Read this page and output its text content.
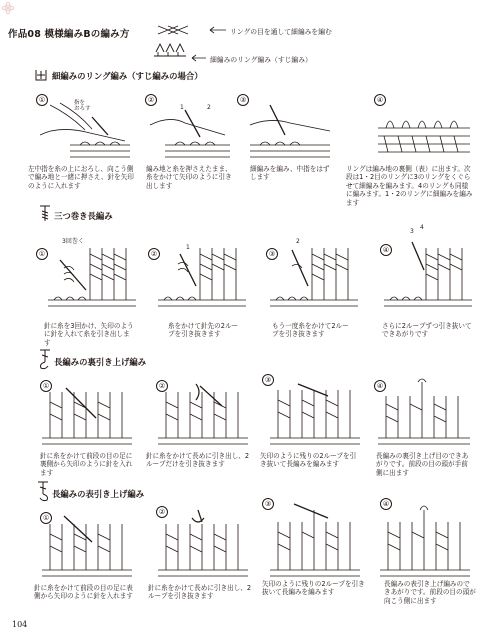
作品08 模様編みBの編み方	リングの目を通して細編みを編む
細編みのリング編み（すじ編み）
細編みのリング編み（すじ編みの場合）
①	②	③	④
指を
おろす	1	2
左中指を糸の上におろし、向こう側で編み地と一緒に押さえ、針を矢印のように入れます
編み地と糸を押さえたまま、糸をかけて矢印のように引き出します
細編みを編み、中指をはずします
リングは編み地の裏側（表）に出ます。次段は1・2目のリングに3のリングをくぐらせて細編みを編みます。4のリングも同様に編みます。1・2のリングに細編みを編みます
三つ巻き長編み
①	②	③	④
3回巻く
1
2
3
4
針に糸を3回かけ、矢印のように針を入れて糸を引き出します
糸をかけて針先の2ループを引き抜きます
もう一度糸をかけて2ループを引き抜きます
さらに2ループずつ引き抜いてできあがりです
長編みの裏引き上げ編み
①	②
③
④
針に糸をかけて前段の目の足に裏側から矢印のように針を入れます
針に糸をかけて長めに引き出し、2ループだけを引き抜きます
矢印のように残りの2ループを引き抜いて長編みを編みます
長編みの裏引き上げ目のできあがりです。前段の目の頭が手前側に出ます
長編みの表引き上げ編み
①
②
③	④
針に糸をかけて前段の目の足に表側から矢印のように針を入れます
針に糸をかけて長めに引き出し、2ループを引き抜きます
矢印のように残りの2ループを引き抜いて長編みを編みます
長編みの表引き上げ編みのできあがりです。前段の目の頭が向こう側に出ます
104
